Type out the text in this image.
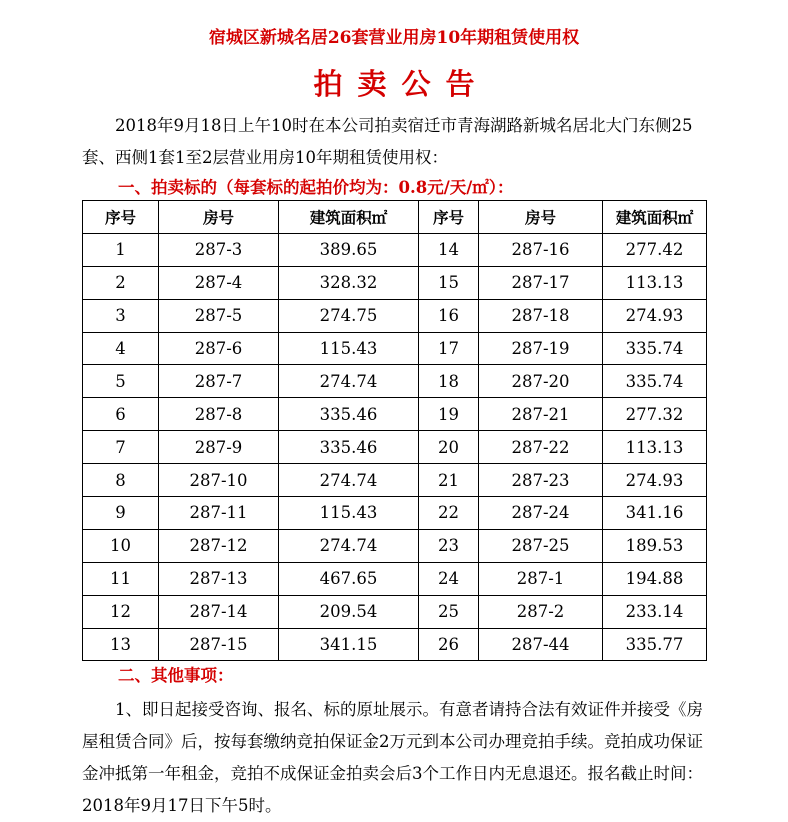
宿城区新城名居26套营业用房10年期租赁使用权
拍卖公告
2018年9月18日上午10时在本公司拍卖宿迁市青海湖路新城名居北大门东侧25套、西侧1套1至2层营业用房10年期租赁使用权：
一、拍卖标的（每套标的起拍价均为：0.8元/天/㎡）：
序号	房号	建筑面积㎡	序号	房号	建筑面积㎡
1	287-3	389.65	14	287-16	277.42
2	287-4	328.32	15	287-17	113.13
3	287-5	274.75	16	287-18	274.93
4	287-6	115.43	17	287-19	335.74
5	287-7	274.74	18	287-20	335.74
6	287-8	335.46	19	287-21	277.32
7	287-9	335.46	20	287-22	113.13
8	287-10	274.74	21	287-23	274.93
9	287-11	115.43	22	287-24	341.16
10	287-12	274.74	23	287-25	189.53
11	287-13	467.65	24	287-1	194.88
12	287-14	209.54	25	287-2	233.14
13	287-15	341.15	26	287-44	335.77
二、其他事项：
1、即日起接受咨询、报名、标的原址展示。有意者请持合法有效证件并接受《房屋租赁合同》后，按每套缴纳竞拍保证金2万元到本公司办理竞拍手续。竞拍成功保证金冲抵第一年租金，竞拍不成保证金拍卖会后3个工作日内无息退还。报名截止时间：2018年9月17日下午5时。
